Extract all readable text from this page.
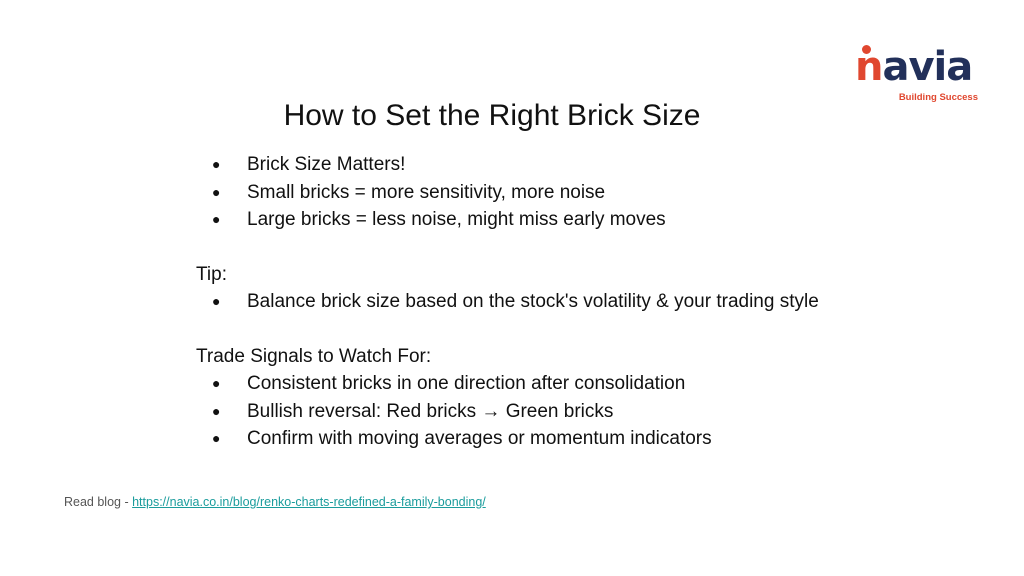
navia
Building Success
How to Set the Right Brick Size
● Brick Size Matters!
● Small bricks = more sensitivity, more noise
● Large bricks = less noise, might miss early moves
Tip:
● Balance brick size based on the stock's volatility & your trading style
Trade Signals to Watch For:
● Consistent bricks in one direction after consolidation
● Bullish reversal: Red bricks → Green bricks
● Confirm with moving averages or momentum indicators
Read blog - https://navia.co.in/blog/renko-charts-redefined-a-family-bonding/
